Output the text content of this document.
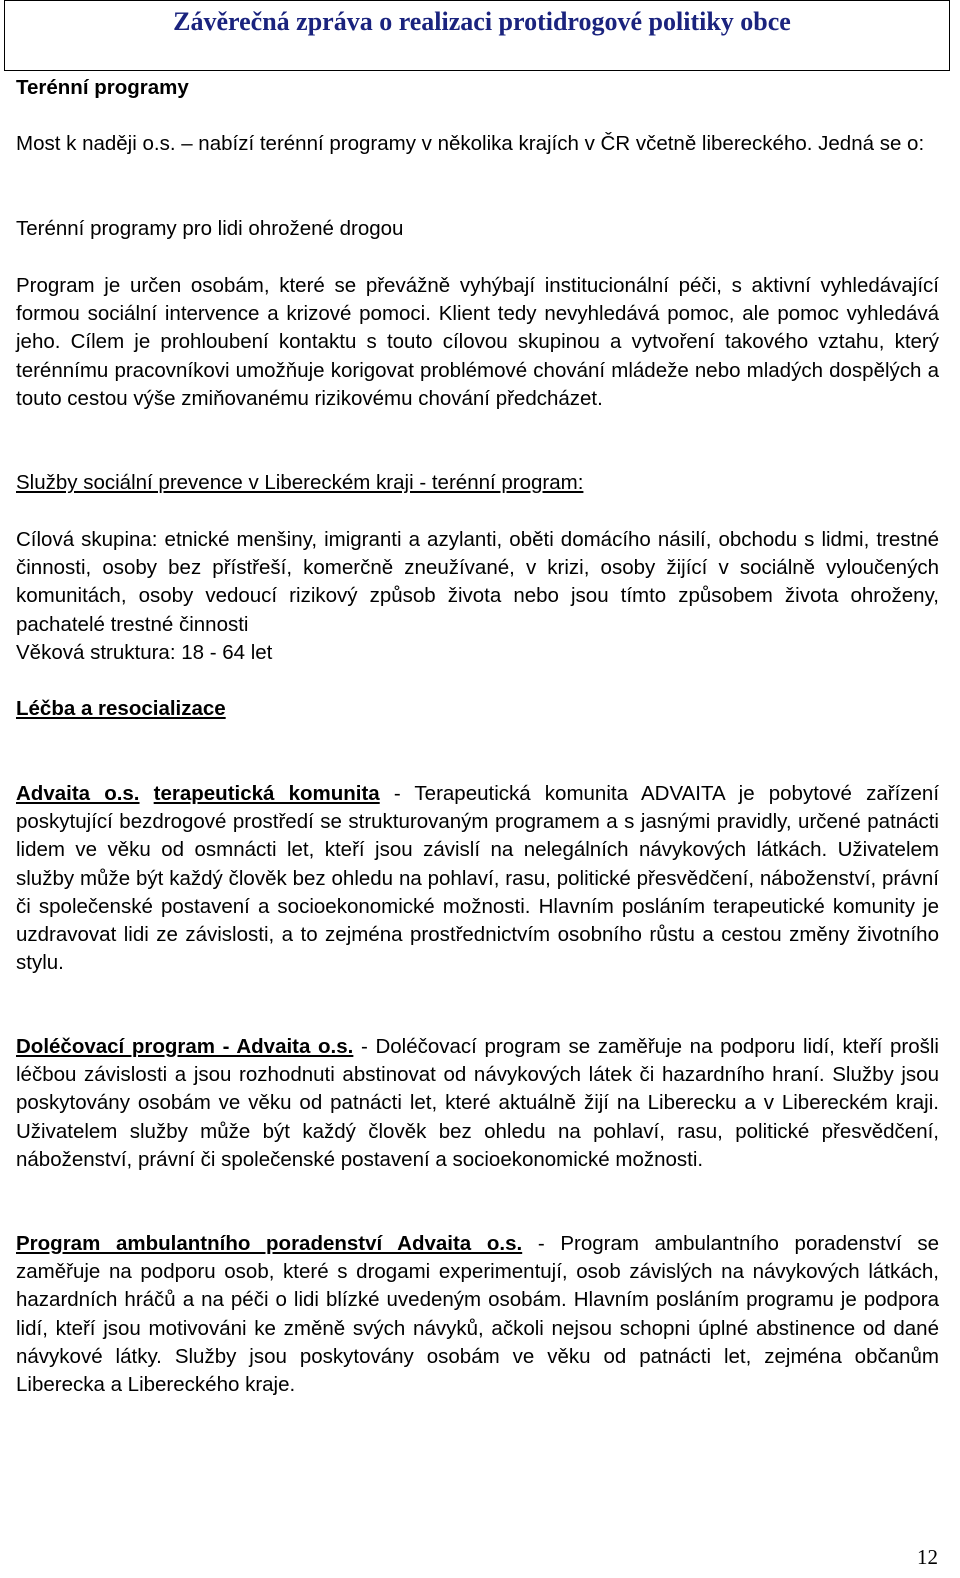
Závěrečná zpráva o realizaci protidrogové politiky obce

Terénní programy

Most k naději o.s. – nabízí terénní programy v několika krajích v ČR včetně libereckého. Jedná se o:

Terénní programy pro lidi ohrožené drogou

Program je určen osobám, které se převážně vyhýbají institucionální péči, s aktivní vyhledávající formou sociální intervence a krizové pomoci. Klient tedy nevyhledává pomoc, ale pomoc vyhledává jeho. Cílem je prohloubení kontaktu s touto cílovou skupinou a vytvoření takového vztahu, který terénnímu pracovníkovi umožňuje korigovat problémové chování mládeže nebo mladých dospělých a touto cestou výše zmiňovanému rizikovému chování předcházet.

Služby sociální prevence v Libereckém kraji - terénní program:

Cílová skupina: etnické menšiny, imigranti a azylanti, oběti domácího násilí, obchodu s lidmi, trestné činnosti, osoby bez přístřeší, komerčně zneužívané, v krizi, osoby žijící v sociálně vyloučených komunitách, osoby vedoucí rizikový způsob života nebo jsou tímto způsobem života ohroženy, pachatelé trestné činnosti

Věková struktura: 18 - 64 let

Léčba a resocializace

Advaita o.s. terapeutická komunita - Terapeutická komunita ADVAITA je pobytové zařízení poskytující bezdrogové prostředí se strukturovaným programem a s jasnými pravidly, určené patnácti lidem ve věku od osmnácti let, kteří jsou závislí na nelegálních návykových látkách. Uživatelem služby může být každý člověk bez ohledu na pohlaví, rasu, politické přesvědčení, náboženství, právní či společenské postavení a socioekonomické možnosti. Hlavním posláním terapeutické komunity je uzdravovat lidi ze závislosti, a to zejména prostřednictvím osobního růstu a cestou změny životního stylu.

Doléčovací program - Advaita o.s. - Doléčovací program se zaměřuje na podporu lidí, kteří prošli léčbou závislosti a jsou rozhodnuti abstinovat od návykových látek či hazardního hraní. Služby jsou poskytovány osobám ve věku od patnácti let, které aktuálně žijí na Liberecku a v Libereckém kraji. Uživatelem služby může být každý člověk bez ohledu na pohlaví, rasu, politické přesvědčení, náboženství, právní či společenské postavení a socioekonomické možnosti.

Program ambulantního poradenství Advaita o.s. - Program ambulantního poradenství se zaměřuje na podporu osob, které s drogami experimentují, osob závislých na návykových látkách, hazardních hráčů a na péči o lidi blízké uvedeným osobám. Hlavním posláním programu je podpora lidí, kteří jsou motivováni ke změně svých návyků, ačkoli nejsou schopni úplné abstinence od dané návykové látky. Služby jsou poskytovány osobám ve věku od patnácti let, zejména občanům Liberecka a Libereckého kraje.

12
